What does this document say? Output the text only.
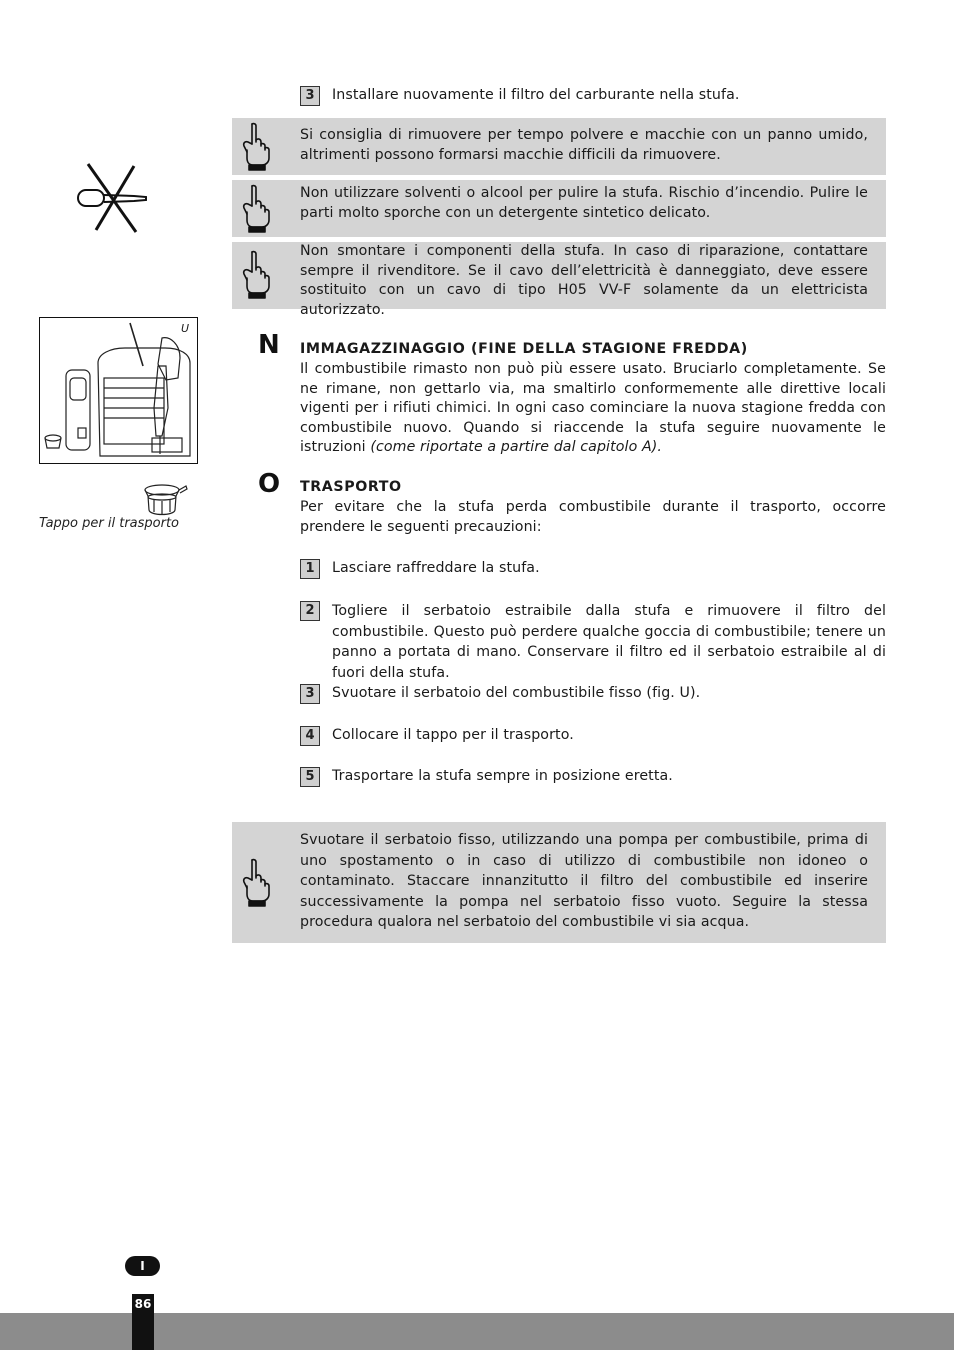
3	Installare nuovamente il filtro del carburante nella stufa.
Si consiglia di rimuovere per tempo polvere e macchie con un panno umido, altrimenti possono formarsi macchie difficili da rimuovere.
Non utilizzare solventi o alcool per pulire la stufa. Rischio d’incendio. Pulire le parti molto sporche con un detergente sintetico delicato.
Non smontare i componenti della stufa. In caso di riparazione, contattare sempre il rivenditore. Se il cavo dell’elettricità è danneggiato, deve essere sostituito con un cavo di tipo H05 VV-F solamente da un elettricista autorizzato.
U
Tappo per il trasporto
N IMMAGAZZINAGGIO (FINE DELLA STAGIONE FREDDA)
Il combustibile rimasto non può più essere usato. Bruciarlo completamente. Se ne rimane, non gettarlo via, ma smaltirlo conformemente alle direttive locali vigenti per i rifiuti chimici. In ogni caso cominciare la nuova stagione fredda con combustibile nuovo. Quando si riaccende la stufa seguire nuovamente le istruzioni (come riportate a partire dal capitolo A).
O TRASPORTO
Per evitare che la stufa perda combustibile durante il trasporto, occorre prendere le seguenti precauzioni:
1	Lasciare raffreddare la stufa.
2	Togliere il serbatoio estraibile dalla stufa e rimuovere il filtro del combustibile. Questo può perdere qualche goccia di combustibile; tenere un panno a portata di mano. Conservare il filtro ed il serbatoio estraibile al di fuori della stufa.
3	Svuotare il serbatoio del combustibile fisso (fig. U).
4	Collocare il tappo per il trasporto.
5	Trasportare la stufa sempre in posizione eretta.
Svuotare il serbatoio fisso, utilizzando una pompa per combustibile, prima di uno spostamento o in caso di utilizzo di combustibile non idoneo o contaminato. Staccare innanzitutto il filtro del combustibile ed inserire successivamente la pompa nel serbatoio fisso vuoto. Seguire la stessa procedura qualora nel serbatoio del combustibile vi sia acqua.
I
86
